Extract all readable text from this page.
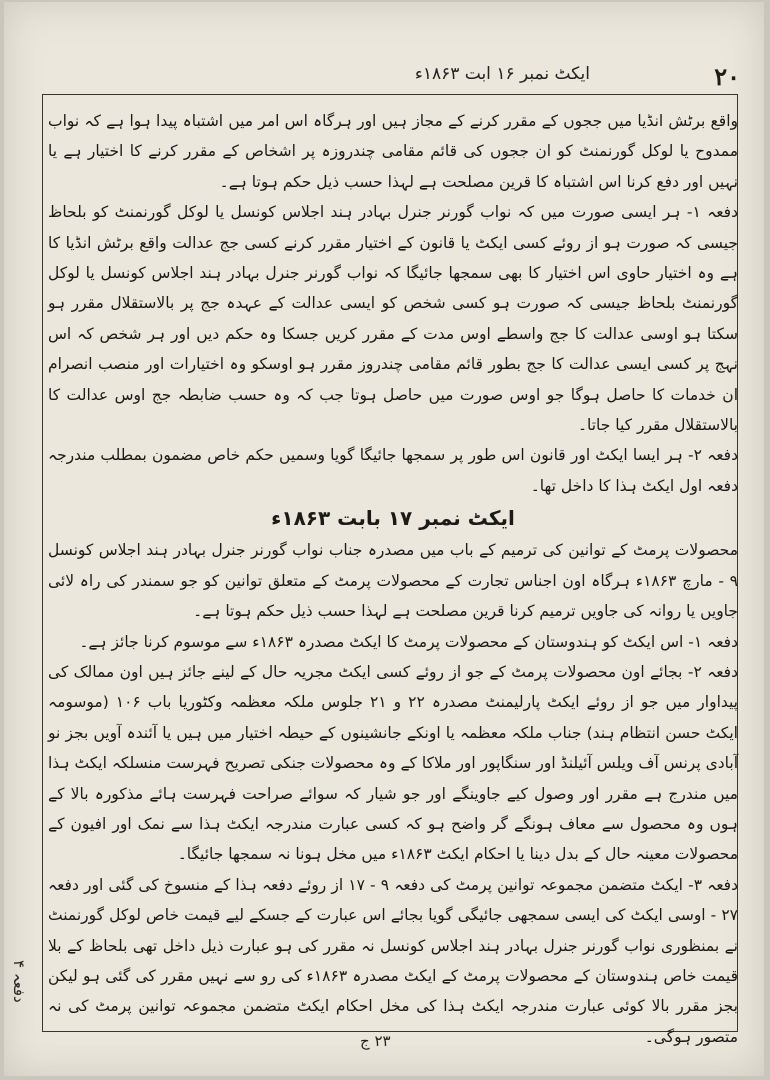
۲۰
ایکٹ نمبر ۱۶ ابت ۱۸۶۳ء

واقع برٹش انڈیا میں ججوں کے مقرر کرنے کے مجاز ہیں اور ہرگاہ اس امر میں اشتباہ پیدا ہوا ہے کہ نواب ممدوح یا لوکل گورنمنٹ کو ان ججوں کی قائم مقامی چندروزہ پر اشخاص کے مقرر کرنے کا اختیار ہے یا نہیں اور دفع کرنا اس اشتباہ کا قرین مصلحت ہے لہذا حسب ذیل حکم ہوتا ہے۔

دفعہ ۱- ہر ایسی صورت میں کہ نواب گورنر جنرل بہادر ہند اجلاس کونسل یا لوکل گورنمنٹ کو بلحاظ جیسی کہ صورت ہو از روئے کسی ایکٹ یا قانون کے اختیار مقرر کرنے کسی جج عدالت واقع برٹش انڈیا کا ہے وہ اختیار حاوی اس اختیار کا بھی سمجھا جائیگا کہ نواب گورنر جنرل بہادر ہند اجلاس کونسل یا لوکل گورنمنٹ بلحاظ جیسی کہ صورت ہو کسی شخص کو ایسی عدالت کے عہدہ جج پر بالاستقلال مقرر ہو سکتا ہو اوسی عدالت کا جج واسطے اوس مدت کے مقرر کریں جسکا وہ حکم دیں اور ہر شخص کہ اس نہج پر کسی ایسی عدالت کا جج بطور قائم مقامی چندروز مقرر ہو اوسکو وہ اختیارات اور منصب انصرام ان خدمات کا حاصل ہوگا جو اوس صورت میں حاصل ہوتا جب کہ وہ حسب ضابطہ جج اوس عدالت کا بالاستقلال مقرر کیا جاتا۔

دفعہ ۲- ہر ایسا ایکٹ اور قانون اس طور پر سمجھا جائیگا گویا وسمیں حکم خاص مضمون بمطلب مندرجہ دفعہ اول ایکٹ ہذا کا داخل تھا۔

ایکٹ نمبر ۱۷ بابت ۱۸۶۳ء

محصولات پرمٹ کے توانین کی ترمیم کے باب میں مصدرہ جناب نواب گورنر جنرل بہادر ہند اجلاس کونسل ۹ - مارچ ۱۸۶۳ء ہرگاہ اون اجناس تجارت کے محصولات پرمٹ کے متعلق توانین کو جو سمندر کی راہ لائی جاویں یا روانہ کی جاویں ترمیم کرنا قرین مصلحت ہے لہذا حسب ذیل حکم ہوتا ہے۔

دفعہ ۱- اس ایکٹ کو ہندوستان کے محصولات پرمٹ کا ایکٹ مصدرہ ۱۸۶۳ء سے موسوم کرنا جائز ہے۔

دفعہ ۲- بجائے اون محصولات پرمٹ کے جو از روئے کسی ایکٹ مجریہ حال کے لینے جائز ہیں اون ممالک کی پیداوار میں جو از روئے ایکٹ پارلیمنٹ مصدرہ ۲۲ و ۲۱ جلوس ملکہ معظمہ وکٹوریا باب ۱۰۶ (موسومہ ایکٹ حسن انتظام ہند) جناب ملکہ معظمہ یا اونکے جانشینوں کے حیطہ اختیار میں ہیں یا آئندہ آویں بجز نو آبادی پرنس آف ویلس آئیلنڈ اور سنگاپور اور ملاکا کے وہ محصولات جنکی تصریح فہرست منسلکہ ایکٹ ہذا میں مندرج ہے مقرر اور وصول کیے جاوینگے اور جو شیار کہ سوائے صراحت فہرست ہائے مذکورہ بالا کے ہوں وہ محصول سے معاف ہونگے گر واضح ہو کہ کسی عبارت مندرجہ ایکٹ ہذا سے نمک اور افیون کے محصولات معینہ حال کے بدل دینا یا احکام ایکٹ ۱۸۶۳ء میں مخل ہونا نہ سمجھا جائیگا۔

دفعہ ۳- ایکٹ متضمن مجموعہ توانین پرمٹ کی دفعہ ۹ - ۱۷ از روئے دفعہ ہذا کے منسوخ کی گئی اور دفعہ ۲۷ - اوسی ایکٹ کی ایسی سمجھی جائیگی گویا بجائے اس عبارت کے جسکے لیے قیمت خاص لوکل گورنمنٹ نے بمنظوری نواب گورنر جنرل بہادر ہند اجلاس کونسل نہ مقرر کی ہو عبارت ذیل داخل تھی بلحاظ کے بلا قیمت خاص ہندوستان کے محصولات پرمٹ کے ایکٹ مصدرہ ۱۸۶۳ء کی رو سے نہیں مقرر کی گئی ہو لیکن بجز مقرر بالا کوئی عبارت مندرجہ ایکٹ ہذا کی مخل احکام ایکٹ متضمن مجموعہ توانین پرمٹ کی نہ متصور ہوگی۔

دفعہ ۴
۲۳ ج
